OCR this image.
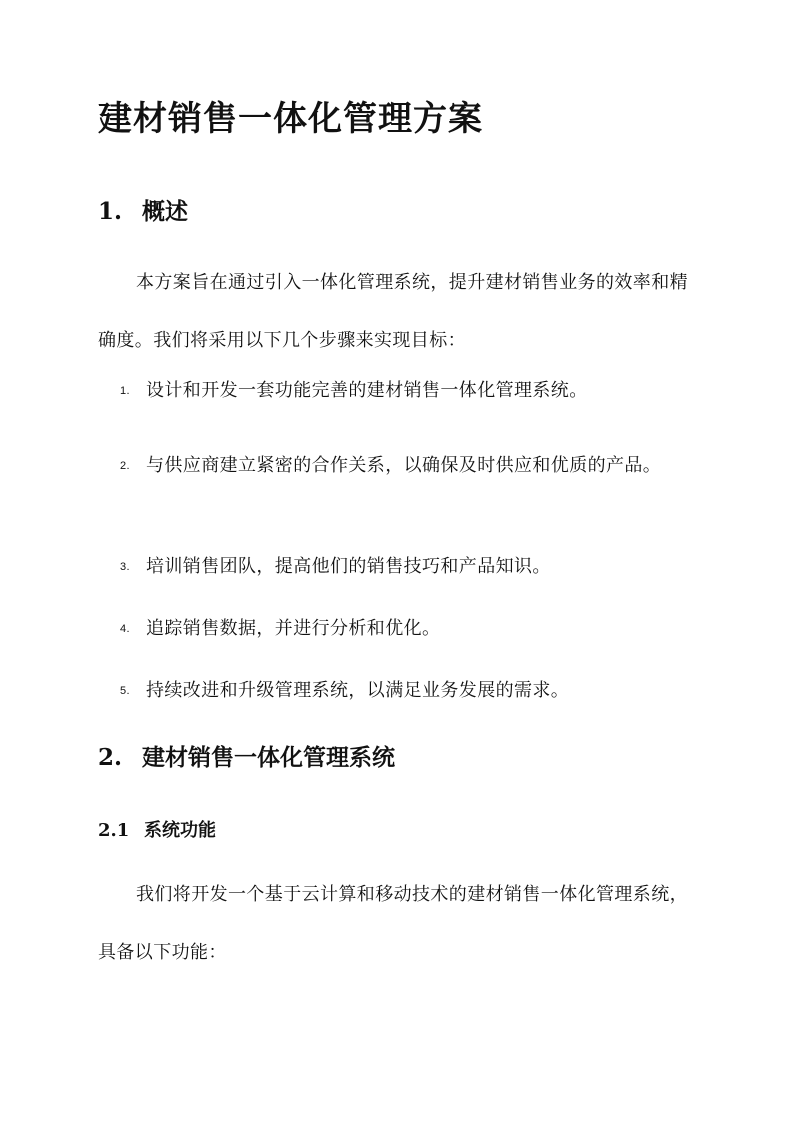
建材销售一体化管理方案
1. 概述

本方案旨在通过引入一体化管理系统，提升建材销售业务的效率和精确度。我们将采用以下几个步骤来实现目标：

1. 设计和开发一套功能完善的建材销售一体化管理系统。
2. 与供应商建立紧密的合作关系，以确保及时供应和优质的产品。
3. 培训销售团队，提高他们的销售技巧和产品知识。
4. 追踪销售数据，并进行分析和优化。
5. 持续改进和升级管理系统，以满足业务发展的需求。
2. 建材销售一体化管理系统
2.1 系统功能

我们将开发一个基于云计算和移动技术的建材销售一体化管理系统，具备以下功能：
